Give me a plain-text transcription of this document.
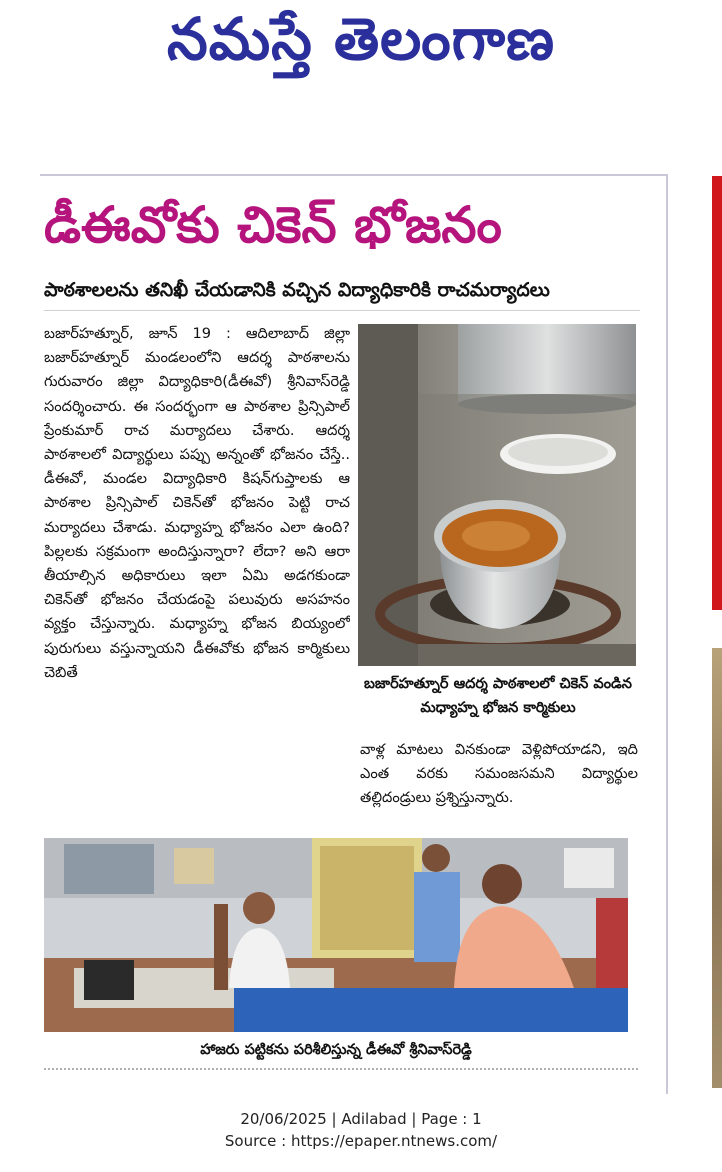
నమస్తే తెలంగాణ
డీఈవోకు చికెన్ భోజనం
పాఠశాలలను తనిఖీ చేయడానికి వచ్చిన విద్యాధికారికి రాచమర్యాదలు

బజార్‌హత్నూర్, జూన్ 19 : ఆదిలాబాద్ జిల్లా బజార్‌హత్నూర్ మండలంలోని ఆదర్శ పాఠశాలను గురువారం జిల్లా విద్యాధికారి(డీఈవో) శ్రీనివాస్‌రెడ్డి సందర్శించారు. ఈ సందర్భంగా ఆ పాఠశాల ప్రిన్సిపాల్ ప్రేంకుమార్ రాచ మర్యాదలు చేశారు. ఆదర్శ పాఠశాలలో విద్యార్థులు పప్పు అన్నంతో భోజనం చేస్తే.. డీఈవో, మండల విద్యాధికారి కిషన్‌గుప్తాలకు ఆ పాఠశాల ప్రిన్సిపాల్ చికెన్‌తో భోజనం పెట్టి రాచ మర్యాదలు చేశాడు. మధ్యాహ్న భోజనం ఎలా ఉంది? పిల్లలకు సక్రమంగా అందిస్తున్నారా? లేదా? అని ఆరా తీయాల్సిన అధికారులు ఇలా ఏమి అడగకుండా చికెన్‌తో భోజనం చేయడంపై పలువురు అసహనం వ్యక్తం చేస్తున్నారు. మధ్యాహ్న భోజన బియ్యంలో పురుగులు వస్తున్నాయని డీఈవోకు భోజన కార్మికులు చెబితే

బజార్‌హత్నూర్ ఆదర్శ పాఠశాలలో చికెన్ వండిన మధ్యాహ్న భోజన కార్మికులు

వాళ్ల మాటలు వినకుండా వెళ్లిపోయాడని, ఇది ఎంత వరకు సమంజసమని విద్యార్థుల తల్లిదండ్రులు ప్రశ్నిస్తున్నారు.

హాజరు పట్టికను పరిశీలిస్తున్న డీఈవో శ్రీనివాస్‌రెడ్డి
20/06/2025 | Adilabad | Page : 1
Source : https://epaper.ntnews.com/
